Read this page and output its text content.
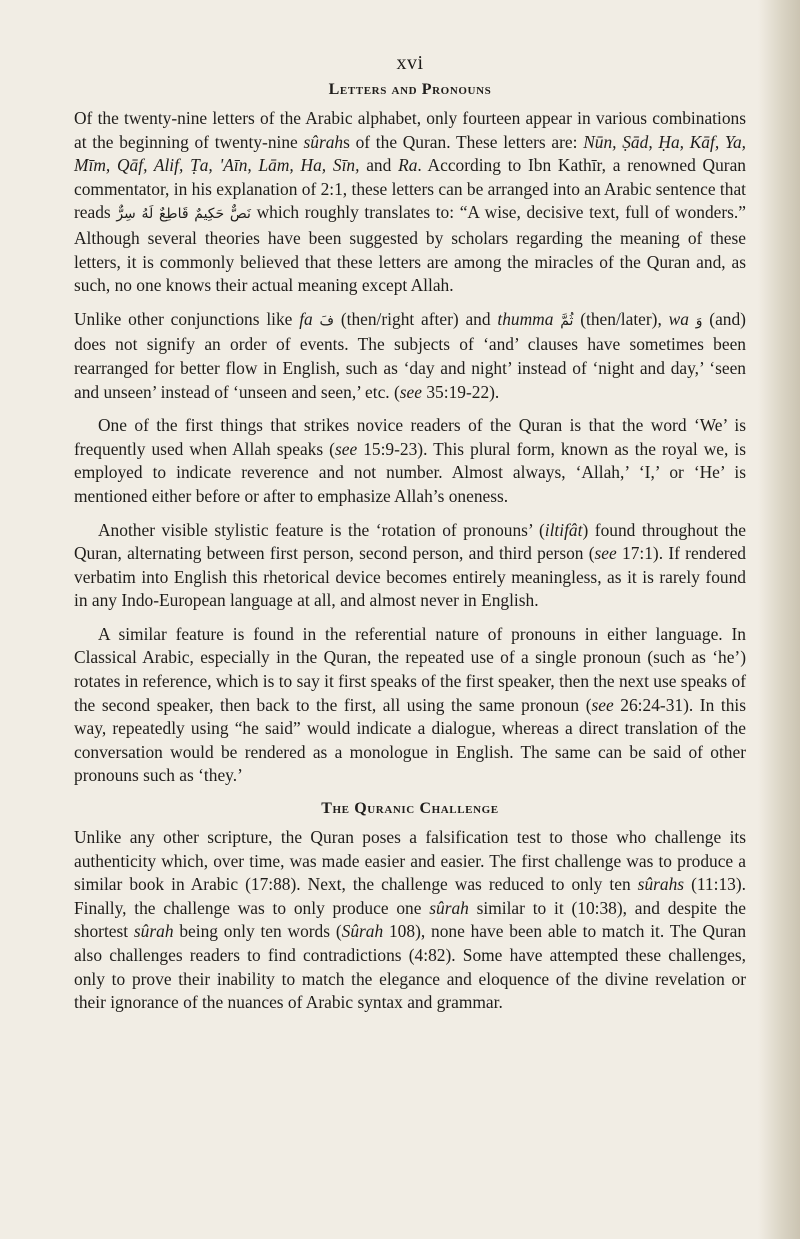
xvi
Letters and Pronouns

Of the twenty-nine letters of the Arabic alphabet, only fourteen appear in various combinations at the beginning of twenty-nine sûrahs of the Quran. These letters are: Nūn, Ṣād, Ḥa, Kāf, Ya, Mīm, Qāf, Alif, Ṭa, 'Aīn, Lām, Ha, Sīn, and Ra. According to Ibn Kathīr, a renowned Quran commentator, in his explanation of 2:1, these letters can be arranged into an Arabic sentence that reads نَصٌّ حَكِيمٌ قَاطِعٌ لَهُ سِرٌّ which roughly translates to: “A wise, decisive text, full of wonders.” Although several theories have been suggested by scholars regarding the meaning of these letters, it is commonly believed that these letters are among the miracles of the Quran and, as such, no one knows their actual meaning except Allah.

Unlike other conjunctions like fa فَ (then/right after) and thumma ثُمَّ (then/later), wa وَ (and) does not signify an order of events. The subjects of ‘and’ clauses have sometimes been rearranged for better flow in English, such as ‘day and night’ instead of ‘night and day,’ ‘seen and unseen’ instead of ‘unseen and seen,’ etc. (see 35:19-22).

One of the first things that strikes novice readers of the Quran is that the word ‘We’ is frequently used when Allah speaks (see 15:9-23). This plural form, known as the royal we, is employed to indicate reverence and not number. Almost always, ‘Allah,’ ‘I,’ or ‘He’ is mentioned either before or after to emphasize Allah’s oneness.

Another visible stylistic feature is the ‘rotation of pronouns’ (iltifât) found throughout the Quran, alternating between first person, second person, and third person (see 17:1). If rendered verbatim into English this rhetorical device becomes entirely meaningless, as it is rarely found in any Indo-European language at all, and almost never in English.

A similar feature is found in the referential nature of pronouns in either language. In Classical Arabic, especially in the Quran, the repeated use of a single pronoun (such as ‘he’) rotates in reference, which is to say it first speaks of the first speaker, then the next use speaks of the second speaker, then back to the first, all using the same pronoun (see 26:24-31). In this way, repeatedly using “he said” would indicate a dialogue, whereas a direct translation of the conversation would be rendered as a monologue in English. The same can be said of other pronouns such as ‘they.’

The Quranic Challenge

Unlike any other scripture, the Quran poses a falsification test to those who challenge its authenticity which, over time, was made easier and easier. The first challenge was to produce a similar book in Arabic (17:88). Next, the challenge was reduced to only ten sûrahs (11:13). Finally, the challenge was to only produce one sûrah similar to it (10:38), and despite the shortest sûrah being only ten words (Sûrah 108), none have been able to match it. The Quran also challenges readers to find contradictions (4:82). Some have attempted these challenges, only to prove their inability to match the elegance and eloquence of the divine revelation or their ignorance of the nuances of Arabic syntax and grammar.
